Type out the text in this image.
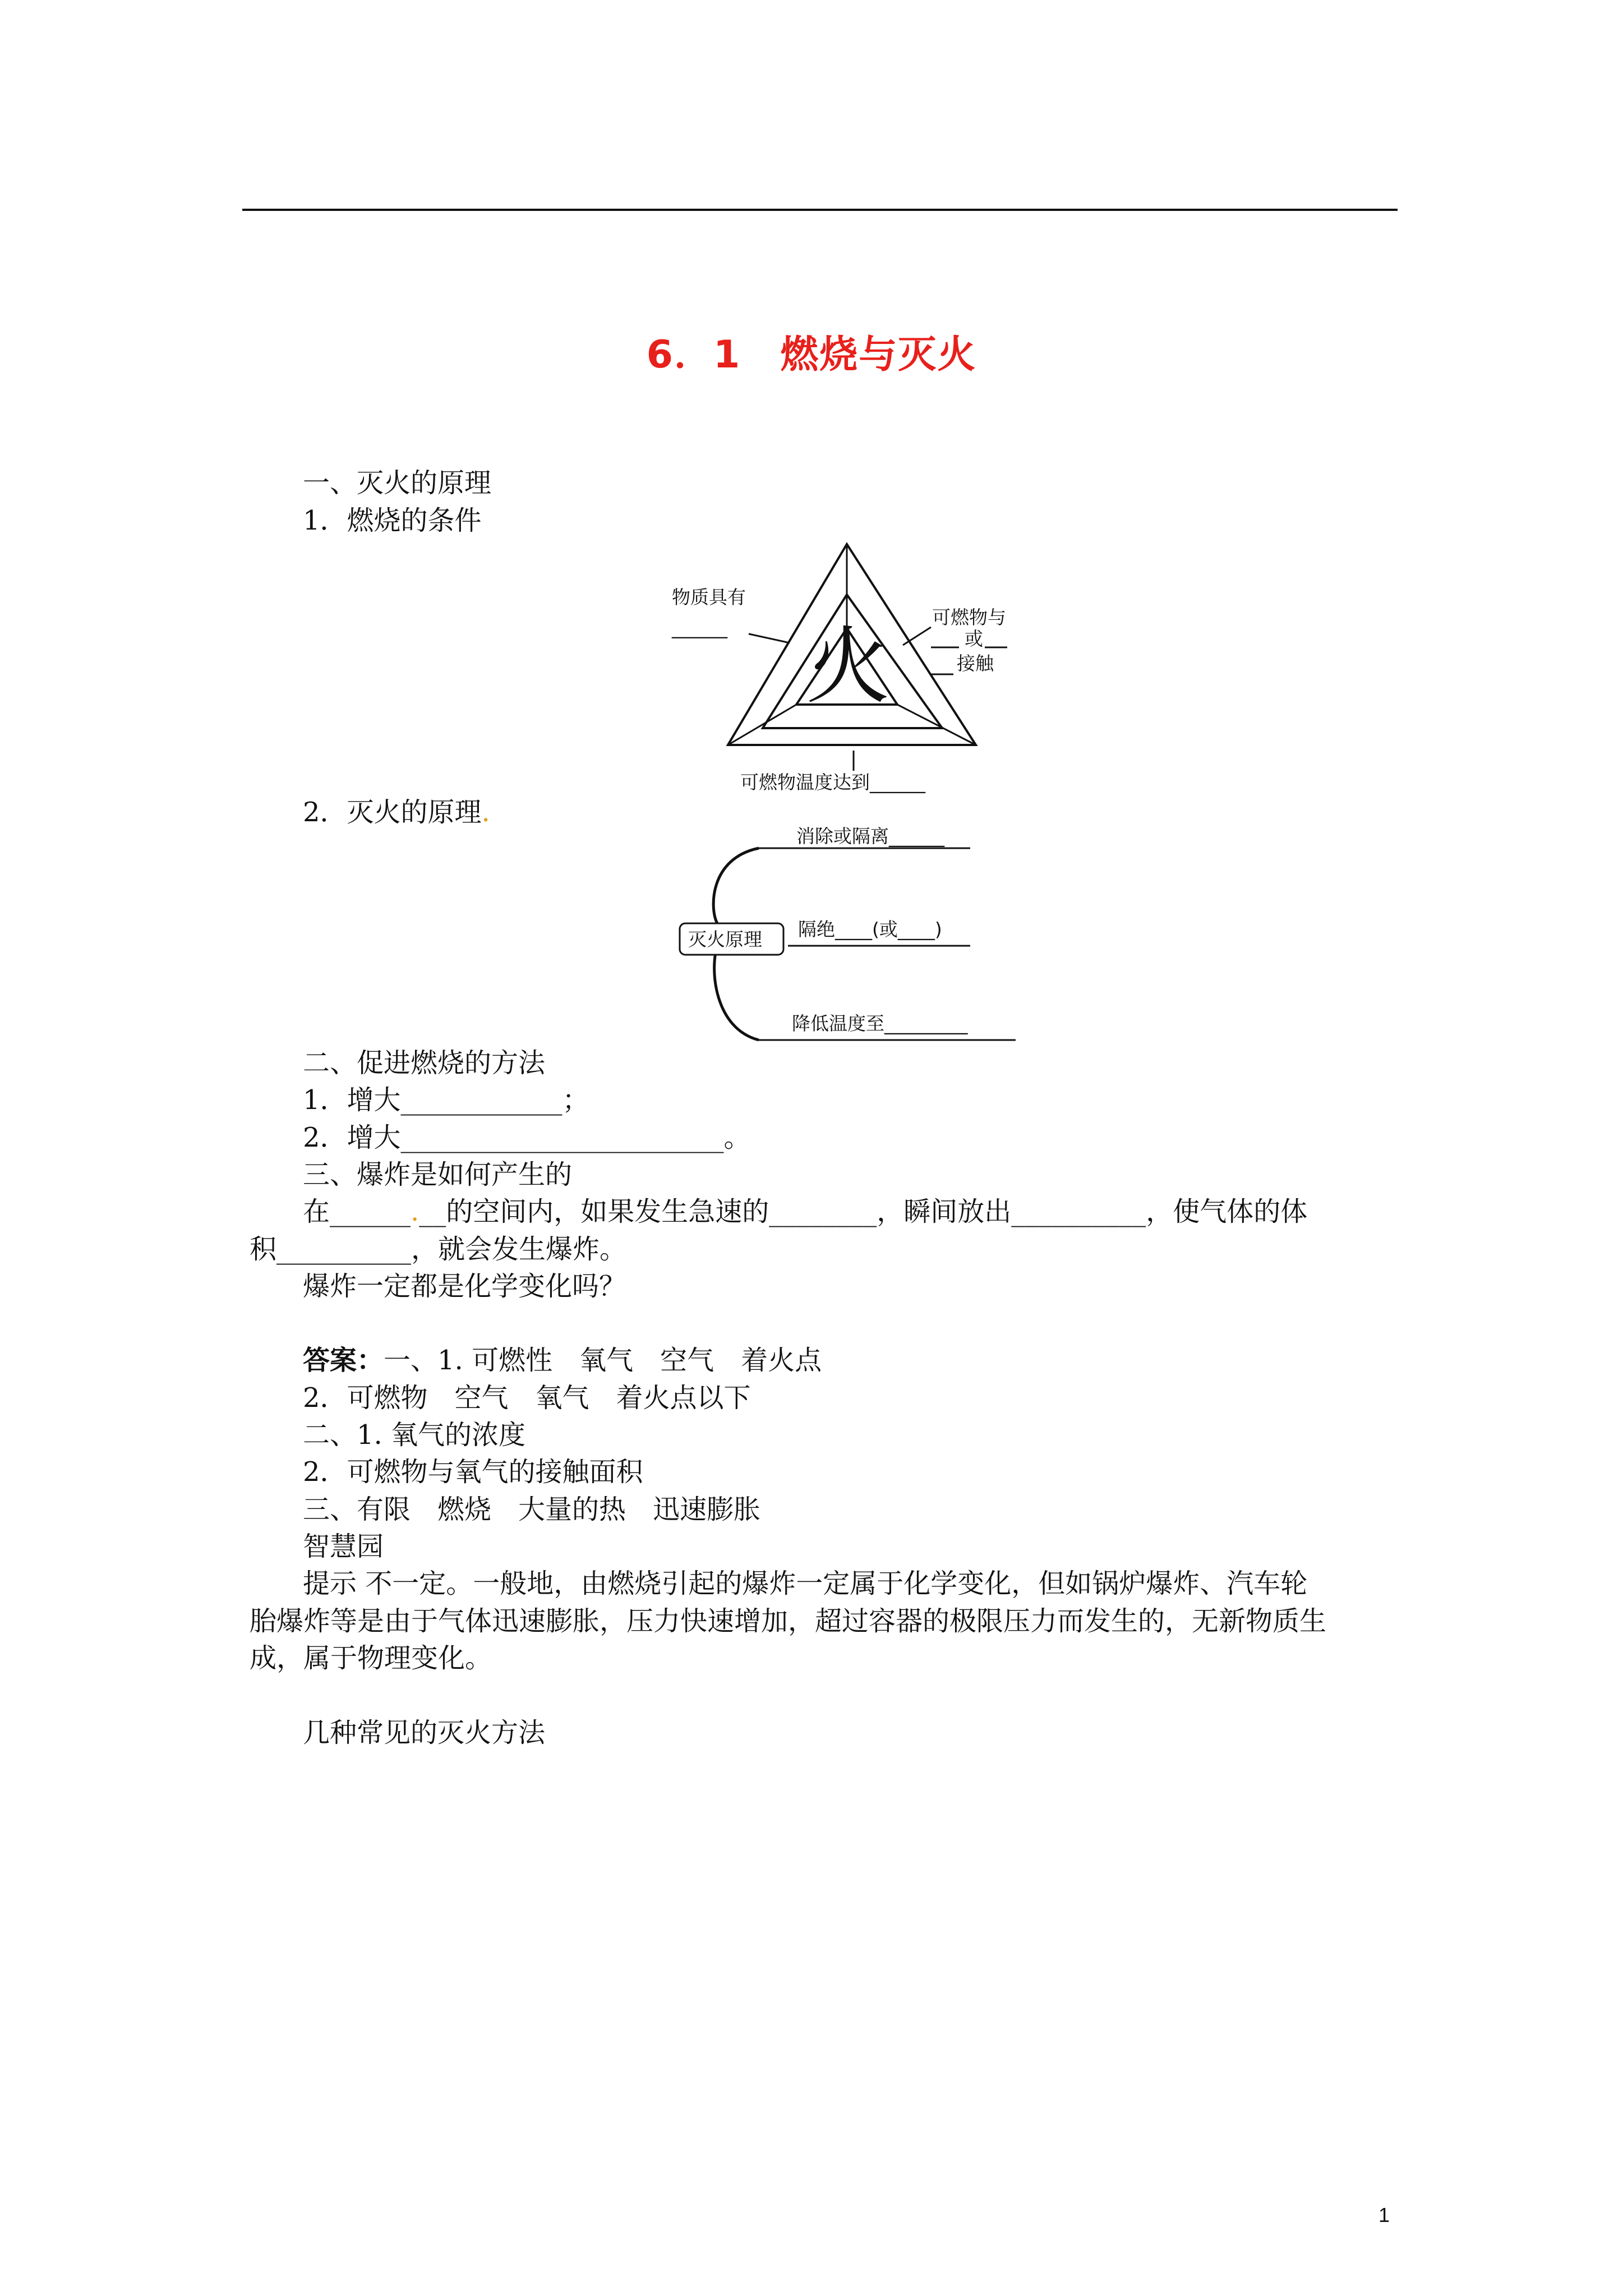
6．1　燃烧与灭火
一、灭火的原理
1．燃烧的条件
火
物质具有
______	可燃物与
或
接触
可燃物温度达到______
2．灭火的原理.
灭火原理
消除或隔离______
隔绝____(或____)
降低温度至_________
二、促进燃烧的方法
1．增大____________；
2．增大________________________。
三、爆炸是如何产生的
在______.__的空间内，如果发生急速的________，瞬间放出__________，使气体的体
积__________，就会发生爆炸。
爆炸一定都是化学变化吗？
答案：一、1. 可燃性　氧气　空气　着火点
2．可燃物　空气　氧气　着火点以下
二、1. 氧气的浓度
2．可燃物与氧气的接触面积
三、有限　燃烧　大量的热　迅速膨胀
智慧园
提示 不一定。一般地，由燃烧引起的爆炸一定属于化学变化，但如锅炉爆炸、汽车轮
胎爆炸等是由于气体迅速膨胀，压力快速增加，超过容器的极限压力而发生的，无新物质生
成，属于物理变化。
几种常见的灭火方法
1
